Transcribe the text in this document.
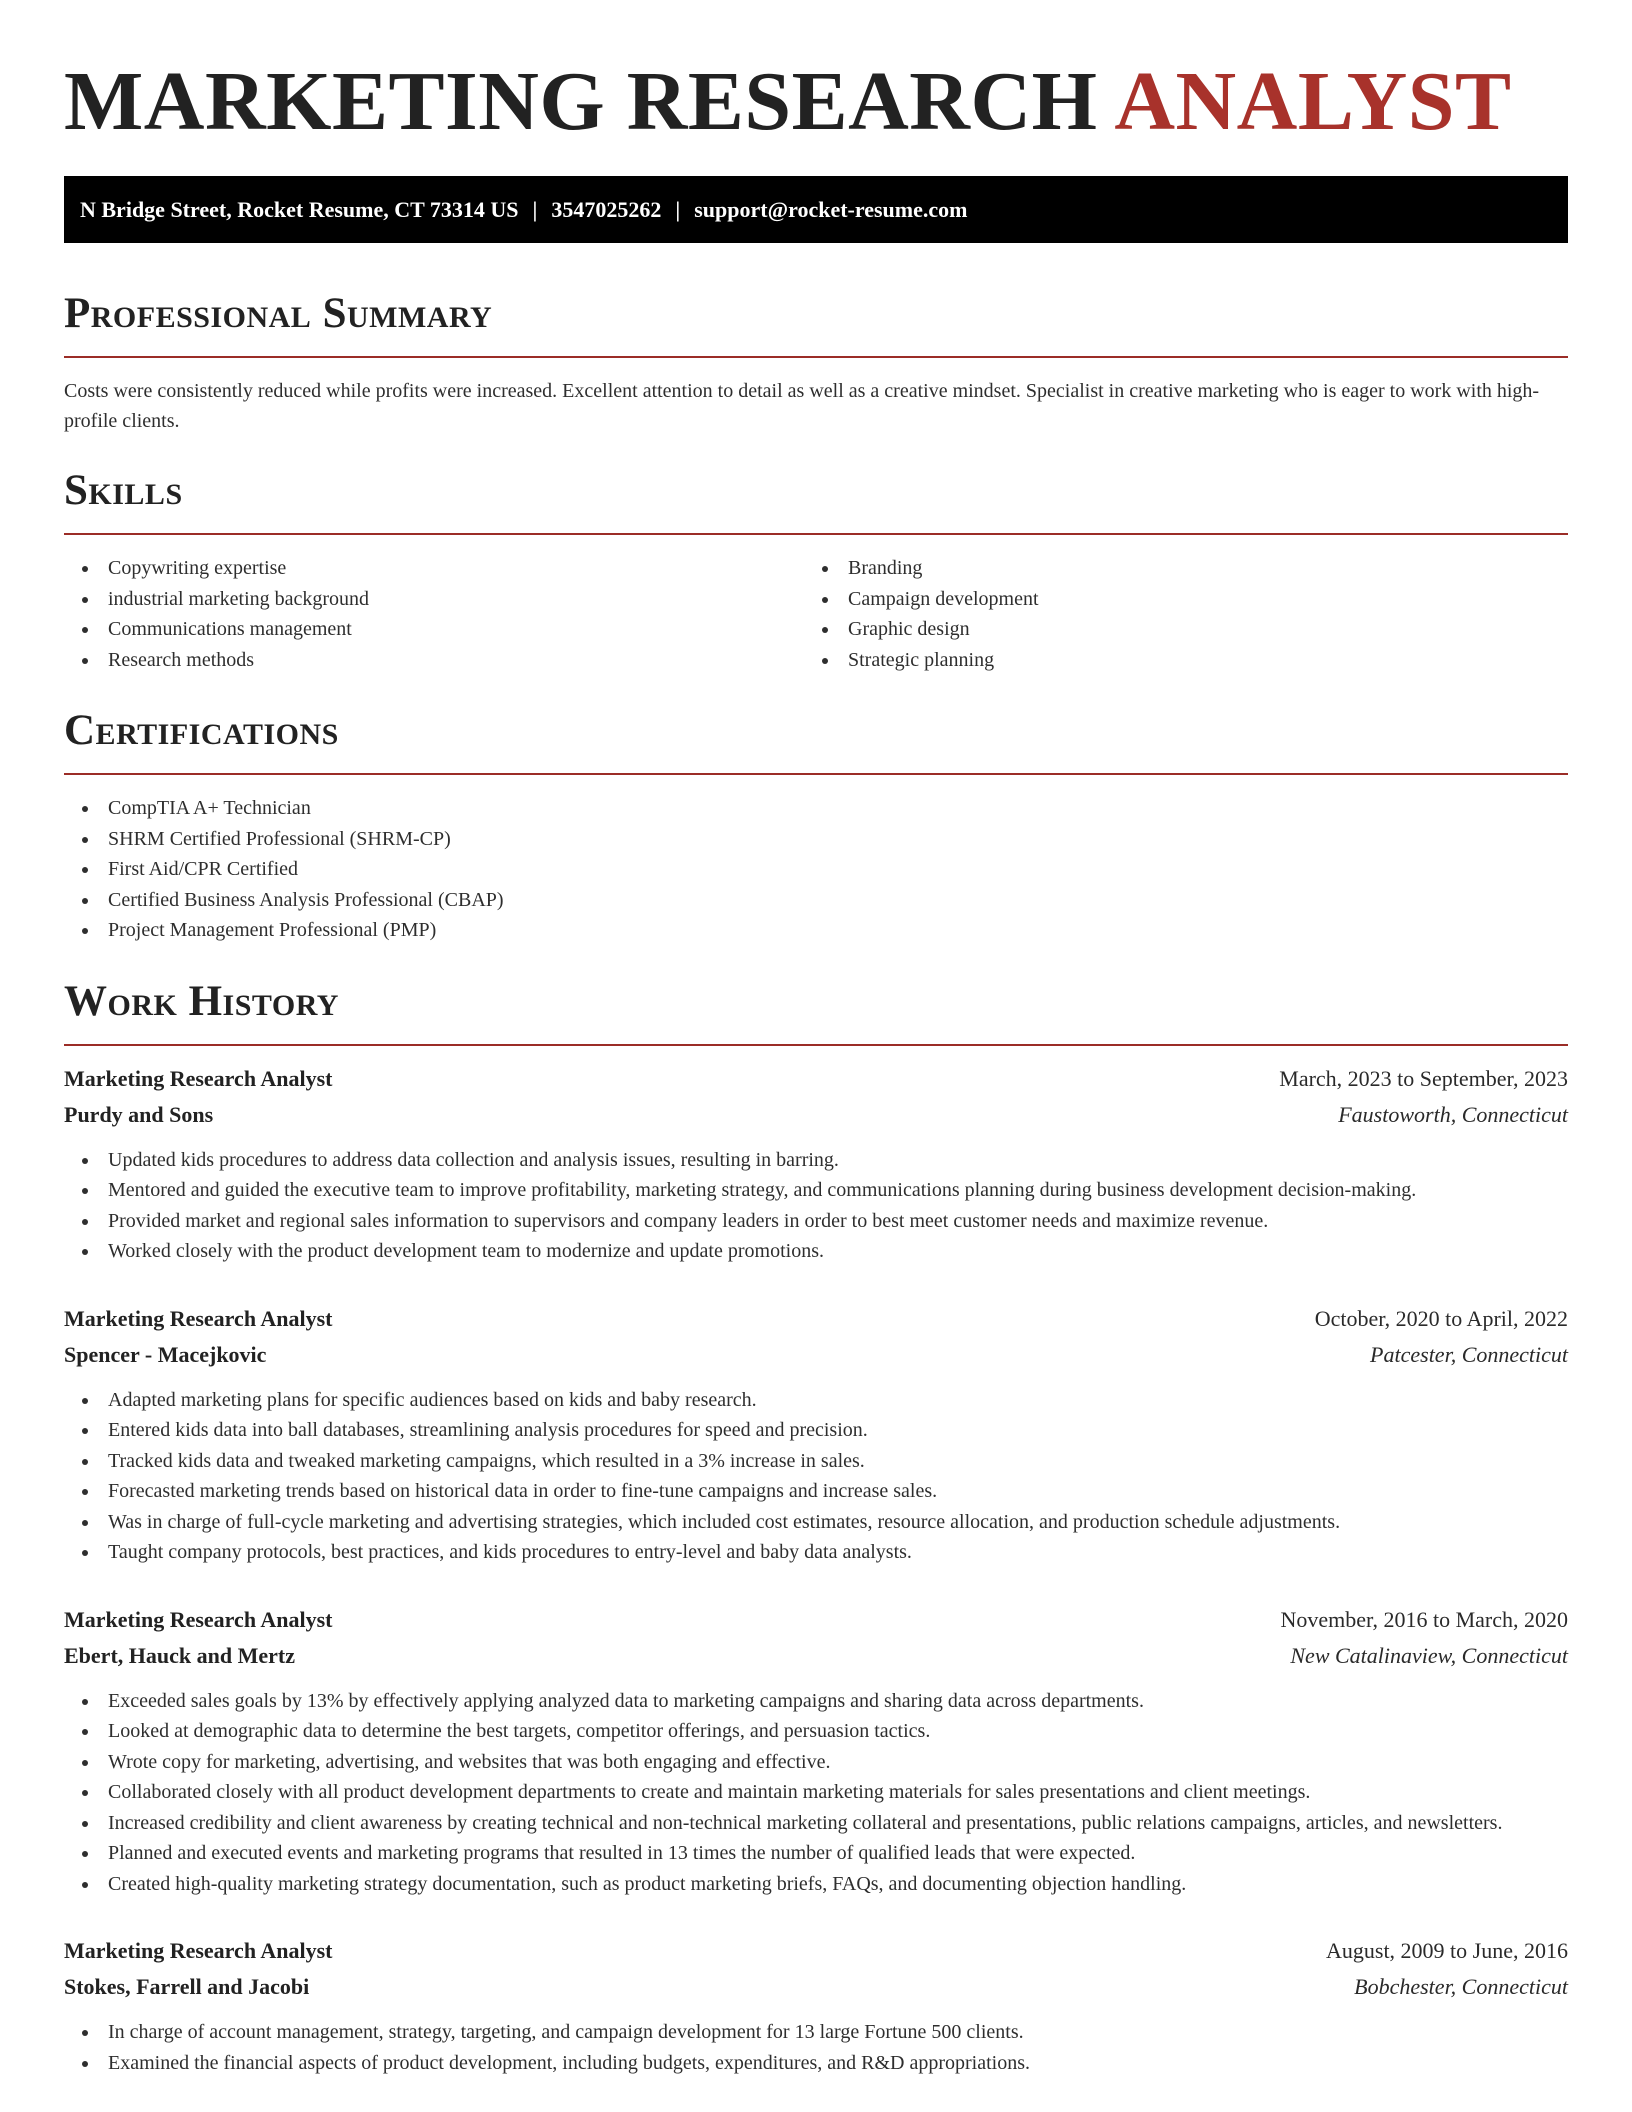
MARKETING RESEARCH ANALYST
N Bridge Street, Rocket Resume, CT 73314 US | 3547025262 | support@rocket-resume.com
Professional Summary

Costs were consistently reduced while profits were increased. Excellent attention to detail as well as a creative mindset. Specialist in creative marketing who is eager to work with high-profile clients.

Skills
Copywriting expertise
industrial marketing background
Communications management
Research methods
Branding
Campaign development
Graphic design
Strategic planning
Certifications
CompTIA A+ Technician
SHRM Certified Professional (SHRM-CP)
First Aid/CPR Certified
Certified Business Analysis Professional (CBAP)
Project Management Professional (PMP)
Work History
Marketing Research Analyst	March, 2023 to September, 2023
Purdy and Sons	Faustoworth, Connecticut
Updated kids procedures to address data collection and analysis issues, resulting in barring.
Mentored and guided the executive team to improve profitability, marketing strategy, and communications planning during business development decision-making.
Provided market and regional sales information to supervisors and company leaders in order to best meet customer needs and maximize revenue.
Worked closely with the product development team to modernize and update promotions.
Marketing Research Analyst	October, 2020 to April, 2022
Spencer - Macejkovic	Patcester, Connecticut
Adapted marketing plans for specific audiences based on kids and baby research.
Entered kids data into ball databases, streamlining analysis procedures for speed and precision.
Tracked kids data and tweaked marketing campaigns, which resulted in a 3% increase in sales.
Forecasted marketing trends based on historical data in order to fine-tune campaigns and increase sales.
Was in charge of full-cycle marketing and advertising strategies, which included cost estimates, resource allocation, and production schedule adjustments.
Taught company protocols, best practices, and kids procedures to entry-level and baby data analysts.
Marketing Research Analyst	November, 2016 to March, 2020
Ebert, Hauck and Mertz	New Catalinaview, Connecticut
Exceeded sales goals by 13% by effectively applying analyzed data to marketing campaigns and sharing data across departments.
Looked at demographic data to determine the best targets, competitor offerings, and persuasion tactics.
Wrote copy for marketing, advertising, and websites that was both engaging and effective.
Collaborated closely with all product development departments to create and maintain marketing materials for sales presentations and client meetings.
Increased credibility and client awareness by creating technical and non-technical marketing collateral and presentations, public relations campaigns, articles, and newsletters.
Planned and executed events and marketing programs that resulted in 13 times the number of qualified leads that were expected.
Created high-quality marketing strategy documentation, such as product marketing briefs, FAQs, and documenting objection handling.
Marketing Research Analyst	August, 2009 to June, 2016
Stokes, Farrell and Jacobi	Bobchester, Connecticut
In charge of account management, strategy, targeting, and campaign development for 13 large Fortune 500 clients.
Examined the financial aspects of product development, including budgets, expenditures, and R&D appropriations.
